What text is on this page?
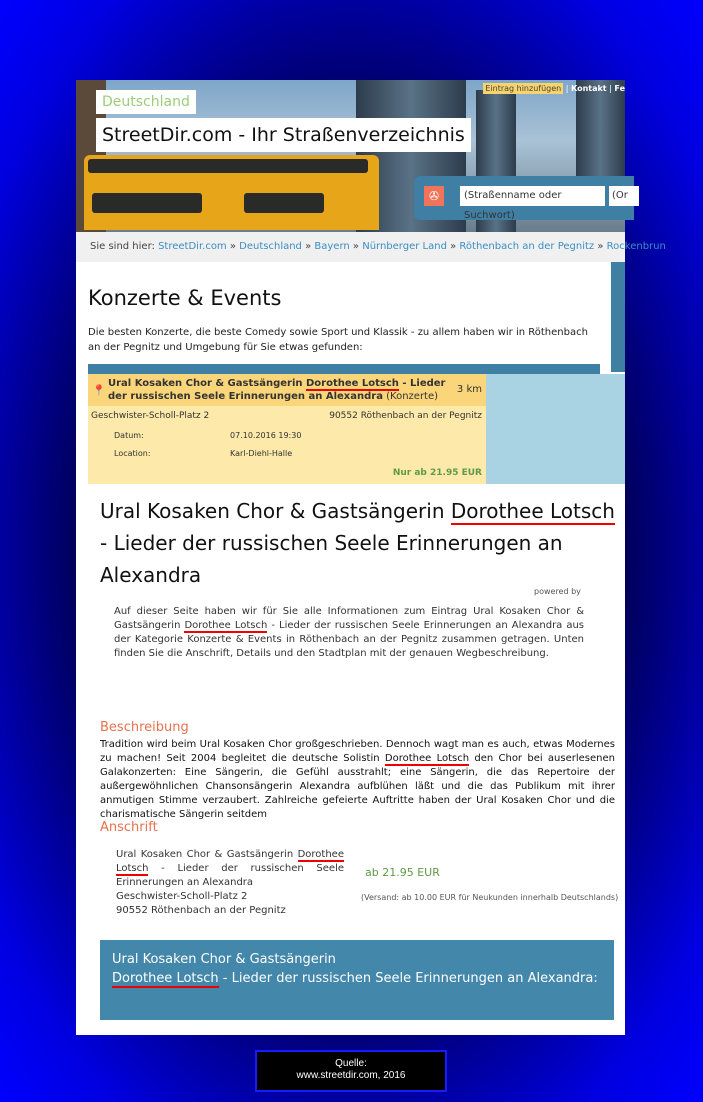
Deutschland
StreetDir.com - Ihr Straßenverzeichnis
Eintrag hinzufügen | Kontakt | Fe
✇	(Straßenname oder Suchwort)
(Or
Sie sind hier: StreetDir.com » Deutschland » Bayern » Nürnberger Land » Röthenbach an der Pegnitz » Rockenbrun
Konzerte & Events
Die besten Konzerte, die beste Comedy sowie Sport und Klassik - zu allem haben wir in Röthenbach an der Pegnitz und Umgebung für Sie etwas gefunden:
📍
Ural Kosaken Chor & Gastsängerin Dorothee Lotsch - Lieder der russischen Seele Erinnerungen an Alexandra (Konzerte)
3 km
Geschwister-Scholl-Platz 2	90552 Röthenbach an der Pegnitz
Datum:	07.10.2016 19:30
Location:	Karl-Diehl-Halle
Nur ab 21.95 EUR
Ural Kosaken Chor & Gastsängerin Dorothee Lotsch - Lieder der russischen Seele Erinnerungen an Alexandra
powered by
Auf dieser Seite haben wir für Sie alle Informationen zum Eintrag Ural Kosaken Chor & Gastsängerin Dorothee Lotsch - Lieder der russischen Seele Erinnerungen an Alexandra aus der Kategorie Konzerte & Events in Röthenbach an der Pegnitz zusammen getragen. Unten finden Sie die Anschrift, Details und den Stadtplan mit der genauen Wegbeschreibung.
Beschreibung
Tradition wird beim Ural Kosaken Chor großgeschrieben. Dennoch wagt man es auch, etwas Modernes zu machen! Seit 2004 begleitet die deutsche Solistin Dorothee Lotsch den Chor bei auserlesenen Galakonzerten: Eine Sängerin, die Gefühl ausstrahlt; eine Sängerin, die das Repertoire der außergewöhnlichen Chansonsängerin Alexandra aufblühen läßt und die das Publikum mit ihrer anmutigen Stimme verzaubert. Zahlreiche gefeierte Auftritte haben der Ural Kosaken Chor und die charismatische Sängerin seitdem
Anschrift
Ural Kosaken Chor & Gastsängerin Dorothee Lotsch - Lieder der russischen Seele Erinnerungen an Alexandra
Geschwister-Scholl-Platz 2
90552 Röthenbach an der Pegnitz
ab 21.95 EUR
(Versand: ab 10.00 EUR für Neukunden innerhalb Deutschlands)
Ural Kosaken Chor & Gastsängerin
Dorothee Lotsch - Lieder der russischen Seele Erinnerungen an Alexandra:
Quelle:
www.streetdir.com, 2016
